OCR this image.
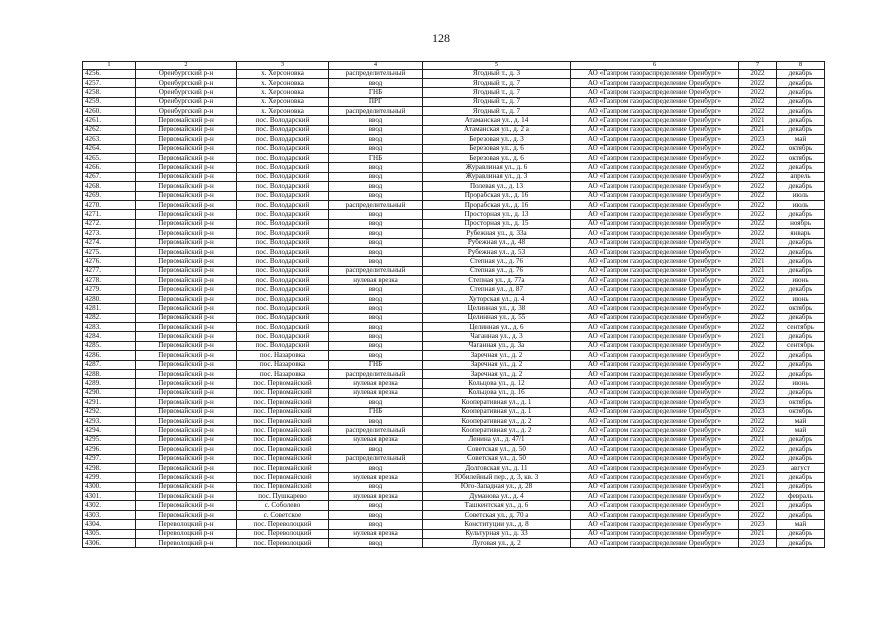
128
1	2	3	4	5	6	7	8
4256.	Оренбургский р-н	х. Херсоновка	распределительный	Ягодный т., д. 3	АО «Газпром газораспределение Оренбург»	2022	декабрь
4257.	Оренбургский р-н	х. Херсоновка	ввод	Ягодный т., д. 7	АО «Газпром газораспределение Оренбург»	2022	декабрь
4258.	Оренбургский р-н	х. Херсоновка	ГНБ	Ягодный т., д. 7	АО «Газпром газораспределение Оренбург»	2022	декабрь
4259.	Оренбургский р-н	х. Херсоновка	ПРГ	Ягодный т., д. 7	АО «Газпром газораспределение Оренбург»	2022	декабрь
4260.	Оренбургский р-н	х. Херсоновка	распределительный	Ягодный т., д. 7	АО «Газпром газораспределение Оренбург»	2022	декабрь
4261.	Первомайский р-н	пос. Володарский	ввод	Атаманская ул., д. 14	АО «Газпром газораспределение Оренбург»	2021	декабрь
4262.	Первомайский р-н	пос. Володарский	ввод	Атаманская ул., д. 2 а	АО «Газпром газораспределение Оренбург»	2021	декабрь
4263.	Первомайский р-н	пос. Володарский	ввод	Березовая ул., д. 3	АО «Газпром газораспределение Оренбург»	2023	май
4264.	Первомайский р-н	пос. Володарский	ввод	Березовая ул., д. 6	АО «Газпром газораспределение Оренбург»	2022	октябрь
4265.	Первомайский р-н	пос. Володарский	ГНБ	Березовая ул., д. 6	АО «Газпром газораспределение Оренбург»	2022	октябрь
4266.	Первомайский р-н	пос. Володарский	ввод	Журавлиная ул., д. 6	АО «Газпром газораспределение Оренбург»	2022	декабрь
4267.	Первомайский р-н	пос. Володарский	ввод	Журавлиная ул., д. 3	АО «Газпром газораспределение Оренбург»	2022	апрель
4268.	Первомайский р-н	пос. Володарский	ввод	Полевая ул., д. 13	АО «Газпром газораспределение Оренбург»	2022	декабрь
4269.	Первомайский р-н	пос. Володарский	ввод	Прорабская ул., д. 16	АО «Газпром газораспределение Оренбург»	2022	июль
4270.	Первомайский р-н	пос. Володарский	распределительный	Прорабская ул., д. 16	АО «Газпром газораспределение Оренбург»	2022	июль
4271.	Первомайский р-н	пос. Володарский	ввод	Просторная ул., д. 13	АО «Газпром газораспределение Оренбург»	2022	декабрь
4272.	Первомайский р-н	пос. Володарский	ввод	Просторная ул., д. 15	АО «Газпром газораспределение Оренбург»	2022	ноябрь
4273.	Первомайский р-н	пос. Володарский	ввод	Рубежная ул., д. 33а	АО «Газпром газораспределение Оренбург»	2022	январь
4274.	Первомайский р-н	пос. Володарский	ввод	Рубежная ул., д. 48	АО «Газпром газораспределение Оренбург»	2021	декабрь
4275.	Первомайский р-н	пос. Володарский	ввод	Рубежная ул., д. 53	АО «Газпром газораспределение Оренбург»	2022	декабрь
4276.	Первомайский р-н	пос. Володарский	ввод	Степная ул., д. 76	АО «Газпром газораспределение Оренбург»	2021	декабрь
4277.	Первомайский р-н	пос. Володарский	распределительный	Степная ул., д. 76	АО «Газпром газораспределение Оренбург»	2021	декабрь
4278.	Первомайский р-н	пос. Володарский	нулевая врезка	Степная ул., д. 77а	АО «Газпром газораспределение Оренбург»	2022	июнь
4279.	Первомайский р-н	пос. Володарский	ввод	Степная ул., д. 87	АО «Газпром газораспределение Оренбург»	2022	декабрь
4280.	Первомайский р-н	пос. Володарский	ввод	Хуторская ул., д. 4	АО «Газпром газораспределение Оренбург»	2022	июнь
4281.	Первомайский р-н	пос. Володарский	ввод	Целинная ул., д. 38	АО «Газпром газораспределение Оренбург»	2022	октябрь
4282.	Первомайский р-н	пос. Володарский	ввод	Целинная ул., д. 55	АО «Газпром газораспределение Оренбург»	2022	декабрь
4283.	Первомайский р-н	пос. Володарский	ввод	Целинная ул., д. 6	АО «Газпром газораспределение Оренбург»	2022	сентябрь
4284.	Первомайский р-н	пос. Володарский	ввод	Чаганная ул., д. 3	АО «Газпром газораспределение Оренбург»	2021	декабрь
4285.	Первомайский р-н	пос. Володарский	ввод	Чаганная ул., д. 3а	АО «Газпром газораспределение Оренбург»	2022	сентябрь
4286.	Первомайский р-н	пос. Назаровка	ввод	Заречная ул., д. 2	АО «Газпром газораспределение Оренбург»	2022	декабрь
4287.	Первомайский р-н	пос. Назаровка	ГНБ	Заречная ул., д. 2	АО «Газпром газораспределение Оренбург»	2022	декабрь
4288.	Первомайский р-н	пос. Назаровка	распределительный	Заречная ул., д. 2	АО «Газпром газораспределение Оренбург»	2022	декабрь
4289.	Первомайский р-н	пос. Первомайский	нулевая врезка	Кольцова ул., д. 12	АО «Газпром газораспределение Оренбург»	2022	июнь
4290.	Первомайский р-н	пос. Первомайский	нулевая врезка	Кольцова ул., д. 16	АО «Газпром газораспределение Оренбург»	2022	декабрь
4291.	Первомайский р-н	пос. Первомайский	ввод	Кооперативная ул., д. 1	АО «Газпром газораспределение Оренбург»	2023	октябрь
4292.	Первомайский р-н	пос. Первомайский	ГНБ	Кооперативная ул., д. 1	АО «Газпром газораспределение Оренбург»	2023	октябрь
4293.	Первомайский р-н	пос. Первомайский	ввод	Кооперативная ул., д. 2	АО «Газпром газораспределение Оренбург»	2022	май
4294.	Первомайский р-н	пос. Первомайский	распределительный	Кооперативная ул., д. 2	АО «Газпром газораспределение Оренбург»	2022	май
4295.	Первомайский р-н	пос. Первомайский	нулевая врезка	Ленина ул., д. 47/1	АО «Газпром газораспределение Оренбург»	2021	декабрь
4296.	Первомайский р-н	пос. Первомайский	ввод	Советская ул., д. 50	АО «Газпром газораспределение Оренбург»	2022	декабрь
4297.	Первомайский р-н	пос. Первомайский	распределительный	Советская ул., д. 50	АО «Газпром газораспределение Оренбург»	2022	декабрь
4298.	Первомайский р-н	пос. Первомайский	ввод	Долговская ул., д. 11	АО «Газпром газораспределение Оренбург»	2023	август
4299.	Первомайский р-н	пос. Первомайский	нулевая врезка	Юбилейный пер., д. 3, кв. 3	АО «Газпром газораспределение Оренбург»	2021	декабрь
4300.	Первомайский р-н	пос. Первомайский	ввод	Юго-Западная ул., д. 28	АО «Газпром газораспределение Оренбург»	2021	декабрь
4301.	Первомайский р-н	пос. Пушкарево	нулевая врезка	Думанова ул., д. 4	АО «Газпром газораспределение Оренбург»	2022	февраль
4302.	Первомайский р-н	с. Соболево	ввод	Ташкентская ул., д. 6	АО «Газпром газораспределение Оренбург»	2021	декабрь
4303.	Первомайский р-н	с. Советское	ввод	Советская ул., д. 70 а	АО «Газпром газораспределение Оренбург»	2022	декабрь
4304.	Переволоцкий р-н	пос. Переволоцкий	ввод	Конституции ул., д. 8	АО «Газпром газораспределение Оренбург»	2023	май
4305.	Переволоцкий р-н	пос. Переволоцкий	нулевая врезка	Культурная ул., д. 33	АО «Газпром газораспределение Оренбург»	2021	декабрь
4306.	Переволоцкий р-н	пос. Переволоцкий	ввод	Луговая ул., д. 2	АО «Газпром газораспределение Оренбург»	2023	декабрь
